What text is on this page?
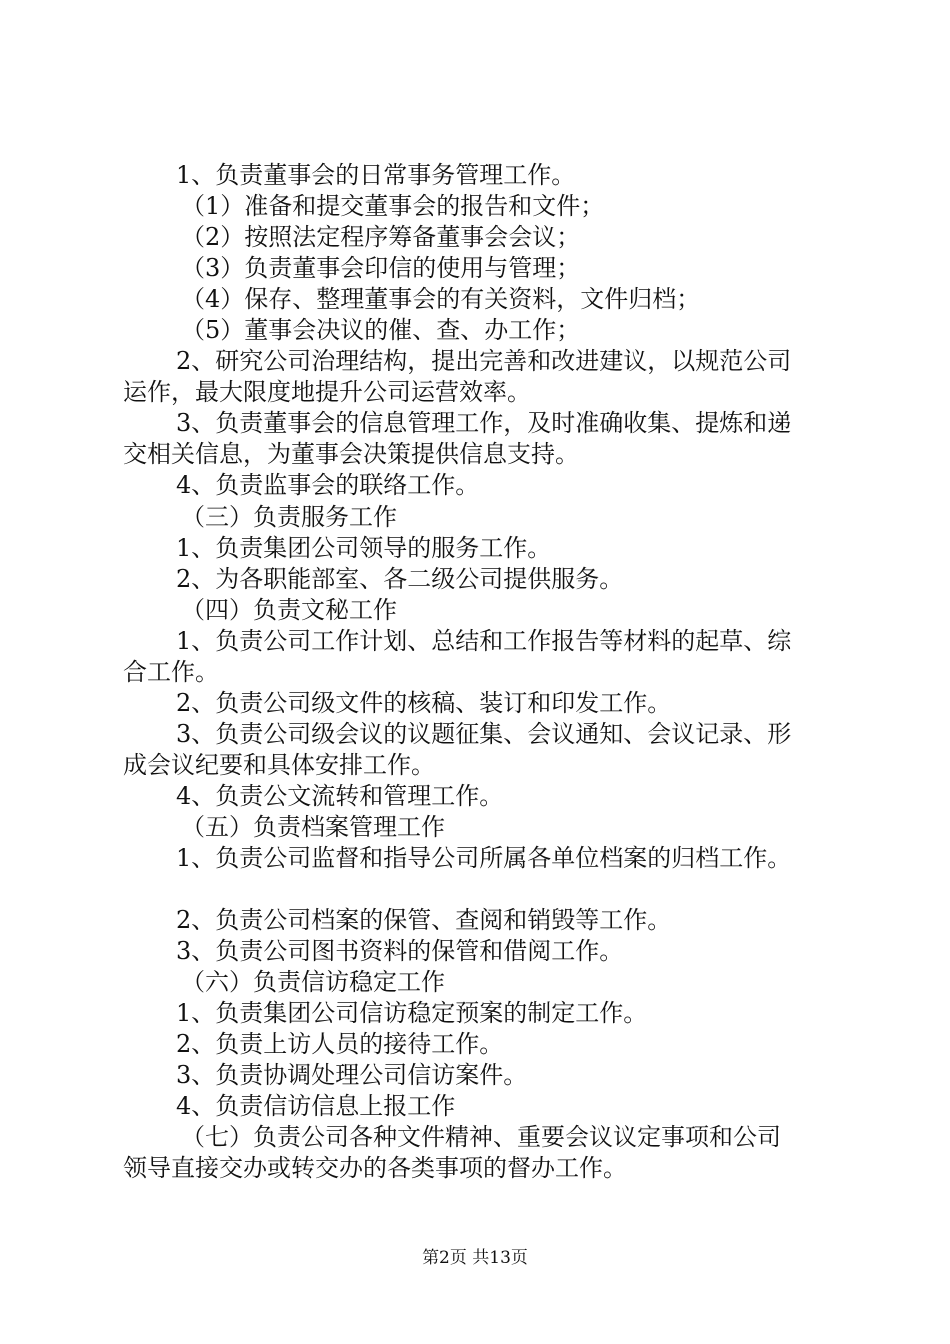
1、负责董事会的日常事务管理工作。
（1）准备和提交董事会的报告和文件；
（2）按照法定程序筹备董事会会议；
（3）负责董事会印信的使用与管理；
（4）保存、整理董事会的有关资料，文件归档；
（5）董事会决议的催、查、办工作；
2、研究公司治理结构，提出完善和改进建议，以规范公司
运作，最大限度地提升公司运营效率。
3、负责董事会的信息管理工作，及时准确收集、提炼和递
交相关信息，为董事会决策提供信息支持。
4、负责监事会的联络工作。
（三）负责服务工作
1、负责集团公司领导的服务工作。
2、为各职能部室、各二级公司提供服务。
（四）负责文秘工作
1、负责公司工作计划、总结和工作报告等材料的起草、综
合工作。
2、负责公司级文件的核稿、装订和印发工作。
3、负责公司级会议的议题征集、会议通知、会议记录、形
成会议纪要和具体安排工作。
4、负责公文流转和管理工作。
（五）负责档案管理工作
1、负责公司监督和指导公司所属各单位档案的归档工作。
2、负责公司档案的保管、查阅和销毁等工作。
3、负责公司图书资料的保管和借阅工作。
（六）负责信访稳定工作
1、负责集团公司信访稳定预案的制定工作。
2、负责上访人员的接待工作。
3、负责协调处理公司信访案件。
4、负责信访信息上报工作
（七）负责公司各种文件精神、重要会议议定事项和公司
领导直接交办或转交办的各类事项的督办工作。
第2页 共13页
